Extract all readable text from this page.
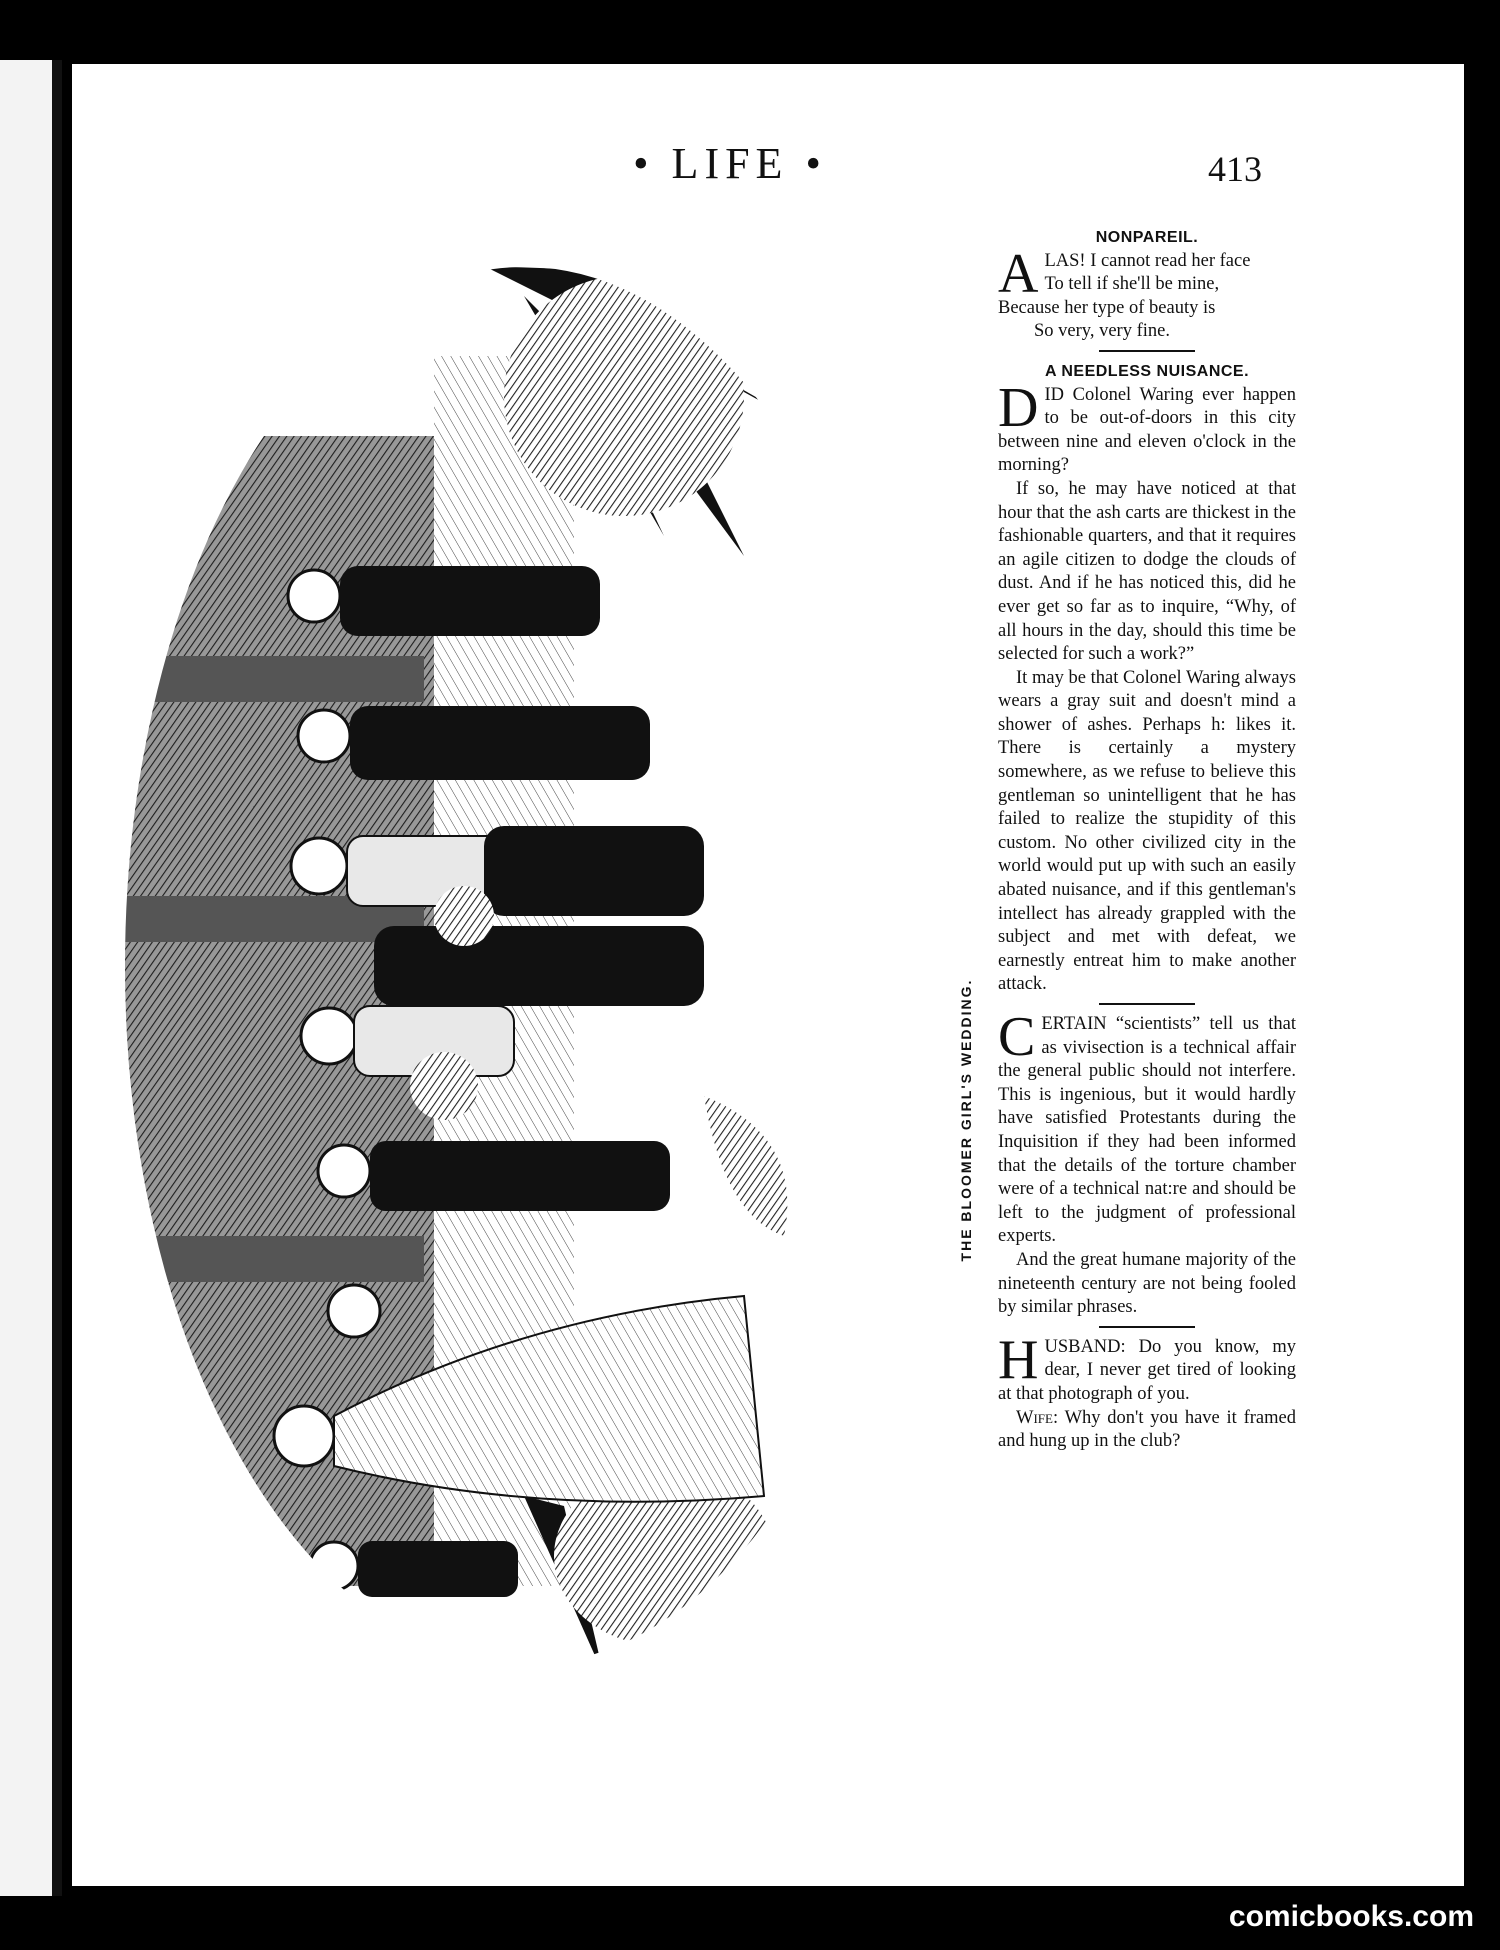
• LIFE •	413
THE BLOOMER GIRL'S WEDDING.
NONPAREIL.
A LAS! I cannot read her face
To tell if she'll be mine,
Because her type of beauty is
So very, very fine.
A NEEDLESS NUISANCE.

DID Colonel Waring ever happen to be out-of-doors in this city between nine and eleven o'clock in the morning?

If so, he may have noticed at that hour that the ash carts are thickest in the fashionable quarters, and that it requires an agile citizen to dodge the clouds of dust. And if he has noticed this, did he ever get so far as to inquire, “Why, of all hours in the day, should this time be selected for such a work?”

It may be that Colonel Waring always wears a gray suit and doesn't mind a shower of ashes. Perhaps h: likes it. There is certainly a mystery somewhere, as we refuse to believe this gentleman so unintelligent that he has failed to realize the stupidity of this custom. No other civilized city in the world would put up with such an easily abated nuisance, and if this gentleman's intellect has already grappled with the subject and met with defeat, we earnestly entreat him to make another attack.

CERTAIN “scientists” tell us that as vivisection is a technical affair the general public should not interfere. This is ingenious, but it would hardly have satisfied Protestants during the Inquisition if they had been informed that the details of the torture chamber were of a technical nat:re and should be left to the judgment of professional experts.

And the great humane majority of the nineteenth century are not being fooled by similar phrases.

HUSBAND: Do you know, my dear, I never get tired of looking at that photograph of you.

Wife: Why don't you have it framed and hung up in the club?

comicbooks.com
